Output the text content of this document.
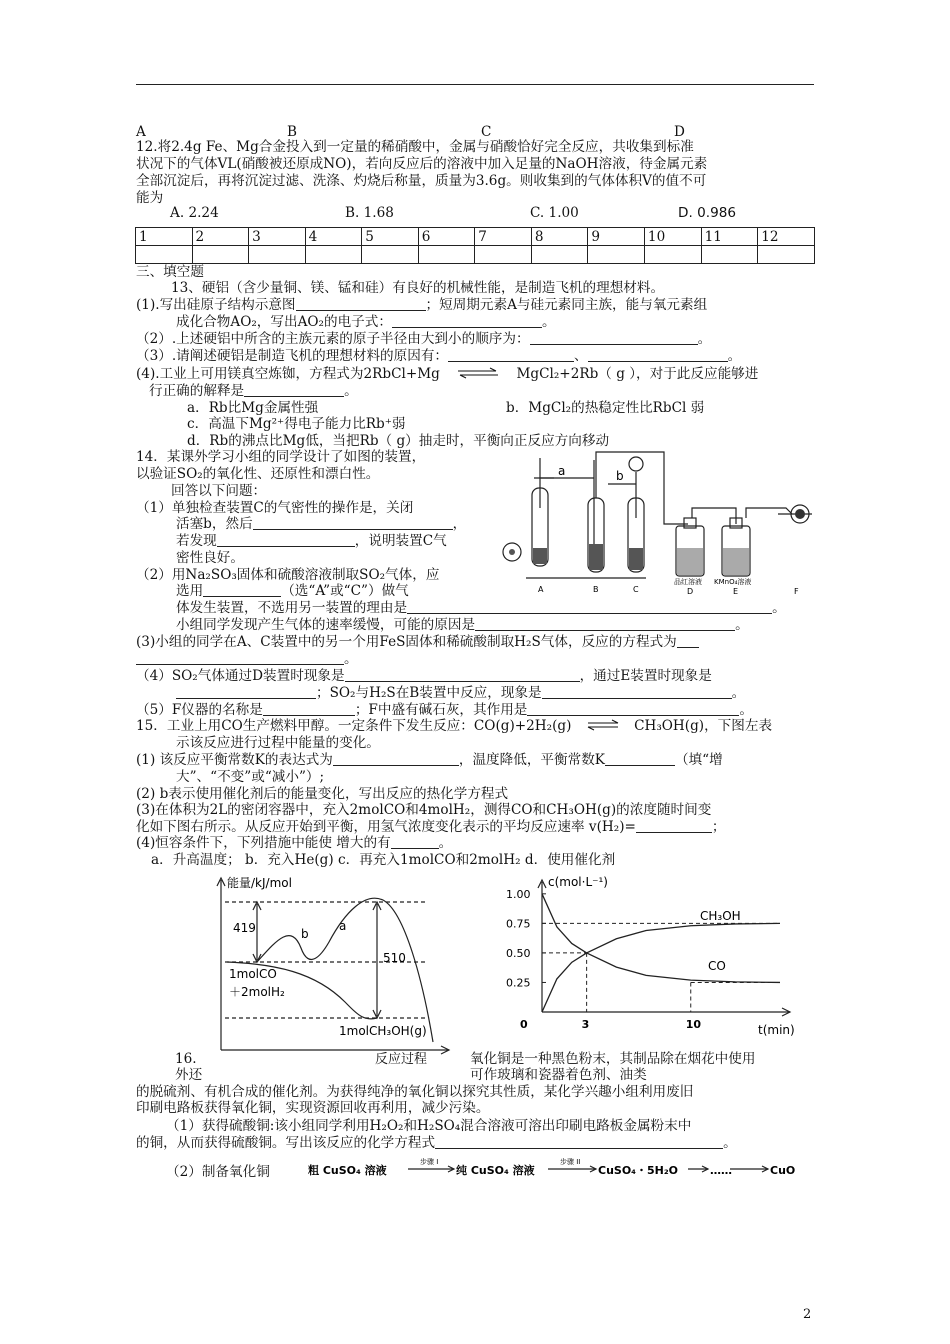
A	B	C	D
12.将2.4g Fe、Mg合金投入到一定量的稀硝酸中，金属与硝酸恰好完全反应，共收集到标准
状况下的气体VL(硝酸被还原成NO)，若向反应后的溶液中加入足量的NaOH溶液，待金属元素
全部沉淀后，再将沉淀过滤、洗涤、灼烧后称量，质量为3.6g。则收集到的气体体积V的值不可
能为
A. 2.24	B. 1.68	C. 1.00	D. 0.986
1	2	3	4	5	6	7	8	9	10	11	12

三、填空题
13、硬铝（含少量铜、镁、锰和硅）有良好的机械性能，是制造飞机的理想材料。
(1).写出硅原子结构示意图	；短周期元素A与硅元素同主族，能与氧元素组
成化合物AO₂，写出AO₂的电子式：	。
（2）.上述硬铝中所含的主族元素的原子半径由大到小的顺序为：	。
（3）.请阐述硬铝是制造飞机的理想材料的原因有：	、	。
(4).工业上可用镁真空炼铷，方程式为2RbCl+Mg ⇌ MgCl₂+2Rb（ g ），对于此反应能够进
行正确的解释是	。
a．Rb比Mg金属性强	b．MgCl₂的热稳定性比RbCl 弱
c．高温下Mg²⁺得电子能力比Rb⁺弱
d．Rb的沸点比Mg低，当把Rb（ g）抽走时，平衡向正反应方向移动
14．某课外学习小组的同学设计了如图的装置，
以验证SO₂的氧化性、还原性和漂白性。
回答以下问题：
（1）单独检查装置C的气密性的操作是，关闭
活塞b，然后	，
若发现	，说明装置C气
密性良好。
（2）用Na₂SO₃固体和硫酸溶液制取SO₂气体，应
选用	（选“A”或“C”）做气
体发生装置，不选用另一装置的理由是	。
小组同学发现产生气体的速率缓慢，可能的原因是	。
(3)小组的同学在A、C装置中的另一个用FeS固体和稀硫酸制取H₂S气体，反应的方程式为
。
（4）SO₂气体通过D装置时现象是	，通过E装置时现象是
；SO₂与H₂S在B装置中反应，现象是	。
（5）F仪器的名称是	；F中盛有碱石灰，其作用是	。
a	b
A	B	C
品红溶液
D
KMnO₄溶液
E	F
15．工业上用CO生产燃料甲醇。一定条件下发生反应：CO(g)+2H₂(g) ⇌ CH₃OH(g)，下图左表
示该反应进行过程中能量的变化。
(1) 该反应平衡常数K的表达式为	，温度降低，平衡常数K	（填“增
大”、“不变”或“减小”）;
(2) b表示使用催化剂后的能量变化，写出反应的热化学方程式
(3)在体积为2L的密闭容器中，充入2molCO和4molH₂，测得CO和CH₃OH(g)的浓度随时间变
化如下图右所示。从反应开始到平衡，用氢气浓度变化表示的平均反应速率 v(H₂)=	；
(4)恒容条件下，下列措施中能使 增大的有	。
a．升高温度； b．充入He(g) c．再充入1molCO和2molH₂ d．使用催化剂
能量/kJ/mol
419
510
a
b
1molCO
＋2molH₂
1molCH₃OH(g)
反应过程
1.00
0.75
0.50
0.25
0	3	10
c(mol·L⁻¹)
t(min)
CH₃OH
CO
16.	氧化铜是一种黑色粉末，其制品除在烟花中使用
外还	可作玻璃和瓷器着色剂、油类
的脱硫剂、有机合成的催化剂。为获得纯净的氧化铜以探究其性质，某化学兴趣小组利用废旧
印刷电路板获得氧化铜，实现资源回收再利用，减少污染。
（1）获得硫酸铜:该小组同学利用H₂O₂和H₂SO₄混合溶液可溶出印刷电路板金属粉末中
的铜，从而获得硫酸铜。写出该反应的化学方程式	。
（2）制备氧化铜	粗 CuSO₄ 溶液	纯 CuSO₄ 溶液	CuSO₄・5H₂O	……	CuO
步骤 I	步骤 II
2
